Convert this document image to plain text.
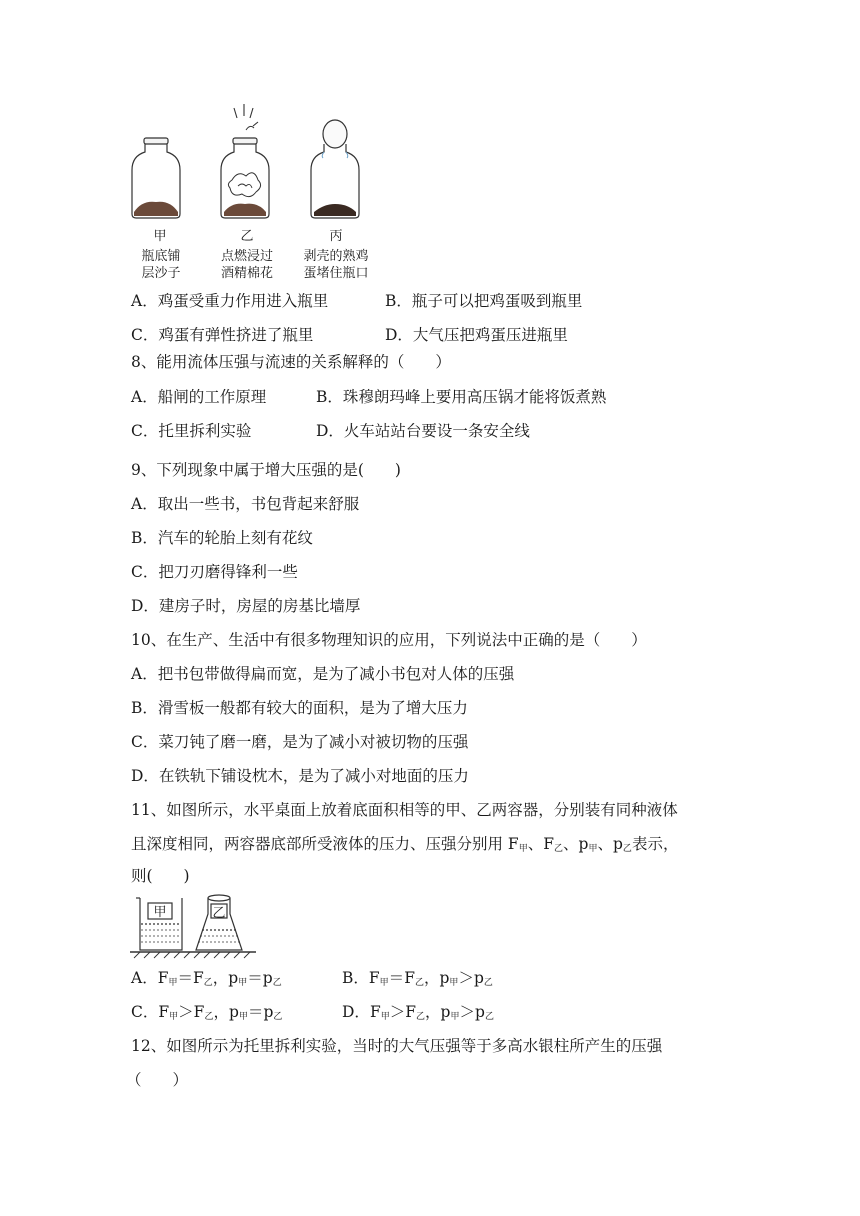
甲	乙	丙
瓶底铺
层沙子
点燃浸过
酒精棉花
剥壳的熟鸡
蛋堵住瓶口
A．鸡蛋受重力作用进入瓶里	B．瓶子可以把鸡蛋吸到瓶里
C．鸡蛋有弹性挤进了瓶里	D．大气压把鸡蛋压进瓶里
8、能用流体压强与流速的关系解释的（　　）
A．船闸的工作原理	B．珠穆朗玛峰上要用高压锅才能将饭煮熟
C．托里拆利实验	D．火车站站台要设一条安全线
9、下列现象中属于增大压强的是(　　)
A．取出一些书，书包背起来舒服
B．汽车的轮胎上刻有花纹
C．把刀刃磨得锋利一些
D．建房子时，房屋的房基比墙厚
10、在生产、生活中有很多物理知识的应用，下列说法中正确的是（　　）
A．把书包带做得扁而宽，是为了减小书包对人体的压强
B．滑雪板一般都有较大的面积，是为了增大压力
C．菜刀钝了磨一磨，是为了减小对被切物的压强
D．在铁轨下铺设枕木，是为了减小对地面的压力
11、如图所示，水平桌面上放着底面积相等的甲、乙两容器，分别装有同种液体
且深度相同，两容器底部所受液体的压力、压强分别用 $F_甲$、$F_乙$、$p_甲$、$p_乙$表示，
则(　　)
甲	乙
A．$F_甲=F_乙$，$p_甲=p_乙$	B．$F_甲=F_乙$，$p_甲>p_乙$
C．$F_甲>F_乙$，$p_甲=p_乙$	D．$F_甲>F_乙$，$p_甲>p_乙$
12、如图所示为托里拆利实验，当时的大气压强等于多高水银柱所产生的压强
（　　）
